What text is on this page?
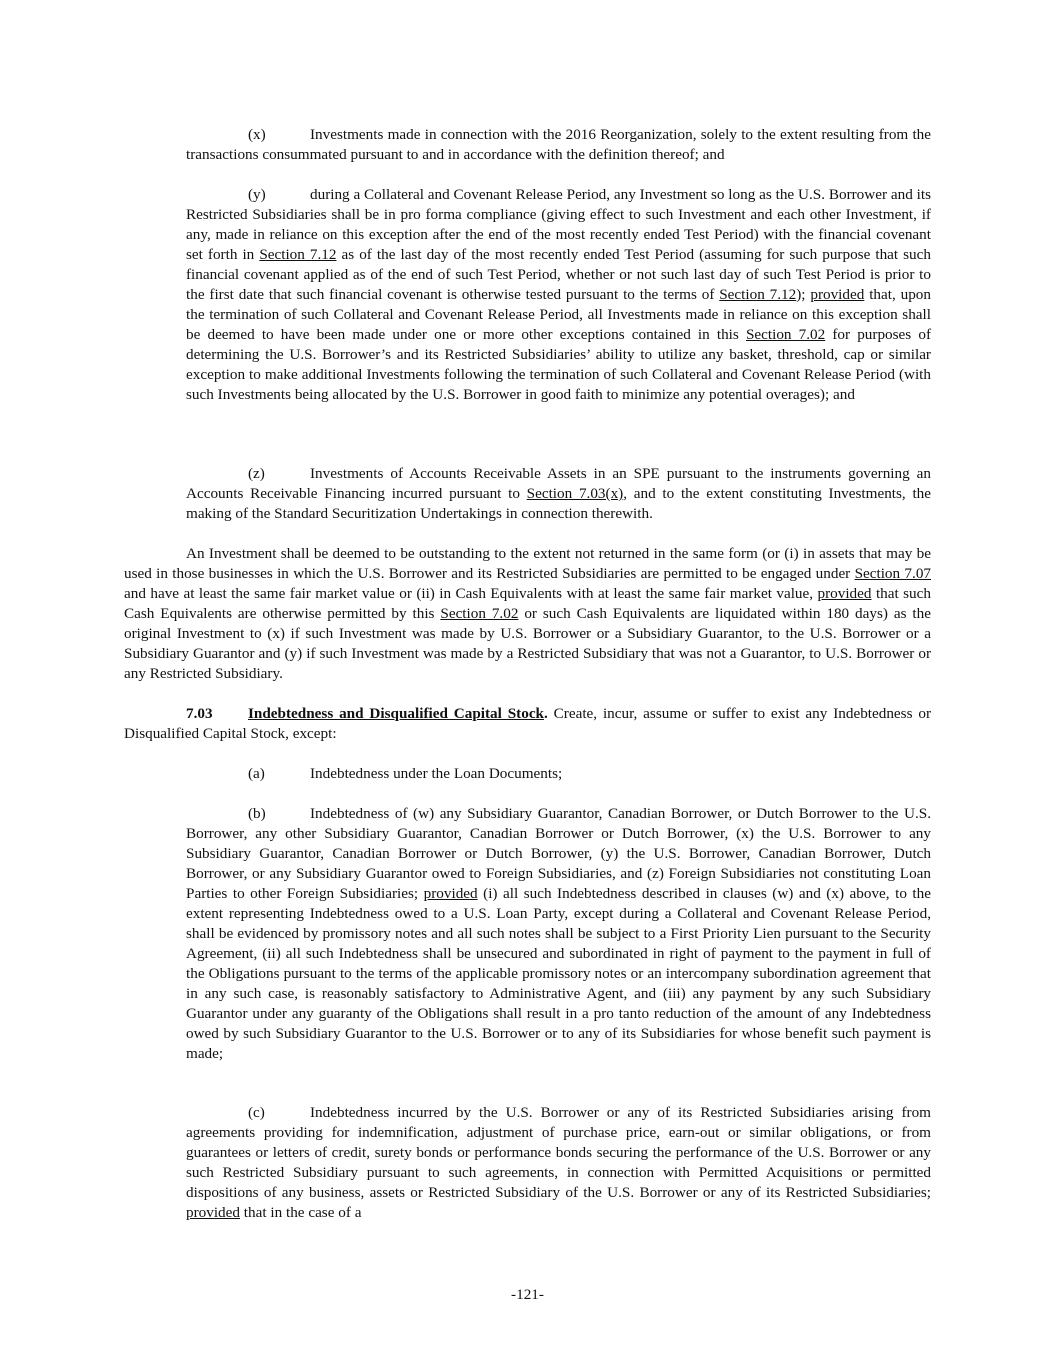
(x)	Investments made in connection with the 2016 Reorganization, solely to the extent resulting from the transactions consummated pursuant to and in accordance with the definition thereof; and
(y)	during a Collateral and Covenant Release Period, any Investment so long as the U.S. Borrower and its Restricted Subsidiaries shall be in pro forma compliance (giving effect to such Investment and each other Investment, if any, made in reliance on this exception after the end of the most recently ended Test Period) with the financial covenant set forth in Section 7.12 as of the last day of the most recently ended Test Period (assuming for such purpose that such financial covenant applied as of the end of such Test Period, whether or not such last day of such Test Period is prior to the first date that such financial covenant is otherwise tested pursuant to the terms of Section 7.12); provided that, upon the termination of such Collateral and Covenant Release Period, all Investments made in reliance on this exception shall be deemed to have been made under one or more other exceptions contained in this Section 7.02 for purposes of determining the U.S. Borrower’s and its Restricted Subsidiaries’ ability to utilize any basket, threshold, cap or similar exception to make additional Investments following the termination of such Collateral and Covenant Release Period (with such Investments being allocated by the U.S. Borrower in good faith to minimize any potential overages); and
(z)	Investments of Accounts Receivable Assets in an SPE pursuant to the instruments governing an Accounts Receivable Financing incurred pursuant to Section 7.03(x), and to the extent constituting Investments, the making of the Standard Securitization Undertakings in connection therewith.
An Investment shall be deemed to be outstanding to the extent not returned in the same form (or (i) in assets that may be used in those businesses in which the U.S. Borrower and its Restricted Subsidiaries are permitted to be engaged under Section 7.07 and have at least the same fair market value or (ii) in Cash Equivalents with at least the same fair market value, provided that such Cash Equivalents are otherwise permitted by this Section 7.02 or such Cash Equivalents are liquidated within 180 days) as the original Investment to (x) if such Investment was made by U.S. Borrower or a Subsidiary Guarantor, to the U.S. Borrower or a Subsidiary Guarantor and (y) if such Investment was made by a Restricted Subsidiary that was not a Guarantor, to U.S. Borrower or any Restricted Subsidiary.
7.03 Indebtedness and Disqualified Capital Stock. Create, incur, assume or suffer to exist any Indebtedness or Disqualified Capital Stock, except:
(a)	Indebtedness under the Loan Documents;
(b)	Indebtedness of (w) any Subsidiary Guarantor, Canadian Borrower, or Dutch Borrower to the U.S. Borrower, any other Subsidiary Guarantor, Canadian Borrower or Dutch Borrower, (x) the U.S. Borrower to any Subsidiary Guarantor, Canadian Borrower or Dutch Borrower, (y) the U.S. Borrower, Canadian Borrower, Dutch Borrower, or any Subsidiary Guarantor owed to Foreign Subsidiaries, and (z) Foreign Subsidiaries not constituting Loan Parties to other Foreign Subsidiaries; provided (i) all such Indebtedness described in clauses (w) and (x) above, to the extent representing Indebtedness owed to a U.S. Loan Party, except during a Collateral and Covenant Release Period, shall be evidenced by promissory notes and all such notes shall be subject to a First Priority Lien pursuant to the Security Agreement, (ii) all such Indebtedness shall be unsecured and subordinated in right of payment to the payment in full of the Obligations pursuant to the terms of the applicable promissory notes or an intercompany subordination agreement that in any such case, is reasonably satisfactory to Administrative Agent, and (iii) any payment by any such Subsidiary Guarantor under any guaranty of the Obligations shall result in a pro tanto reduction of the amount of any Indebtedness owed by such Subsidiary Guarantor to the U.S. Borrower or to any of its Subsidiaries for whose benefit such payment is made;
(c)	Indebtedness incurred by the U.S. Borrower or any of its Restricted Subsidiaries arising from agreements providing for indemnification, adjustment of purchase price, earn-out or similar obligations, or from guarantees or letters of credit, surety bonds or performance bonds securing the performance of the U.S. Borrower or any such Restricted Subsidiary pursuant to such agreements, in connection with Permitted Acquisitions or permitted dispositions of any business, assets or Restricted Subsidiary of the U.S. Borrower or any of its Restricted Subsidiaries; provided that in the case of a
-121-
